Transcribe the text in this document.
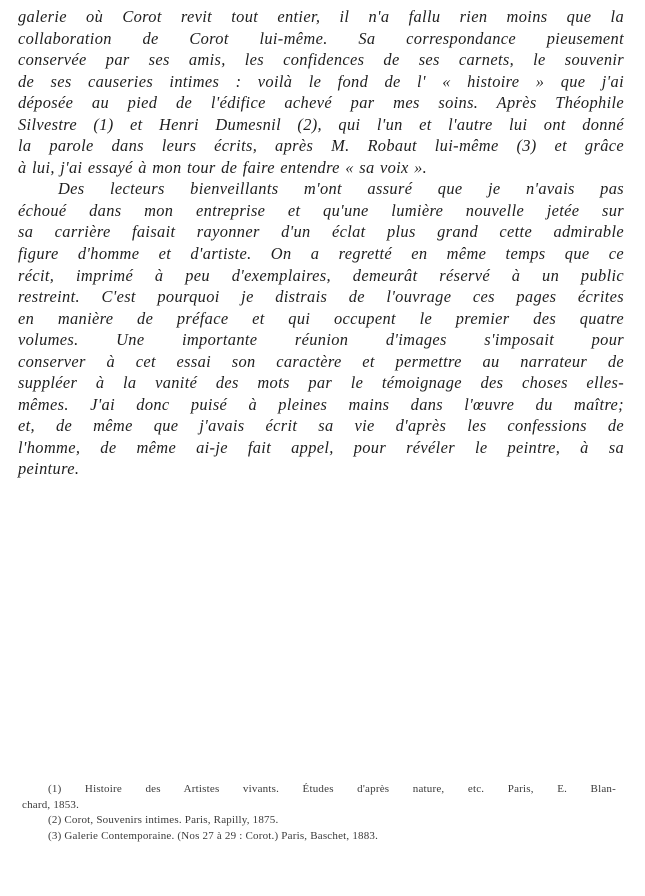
galerie où Corot revit tout entier, il n'a fallu rien moins que la
collaboration de Corot lui-même. Sa correspondance pieusement
conservée par ses amis, les confidences de ses carnets, le souvenir
de ses causeries intimes : voilà le fond de l' « histoire » que j'ai
déposée au pied de l'édifice achevé par mes soins. Après Théophile
Silvestre (1) et Henri Dumesnil (2), qui l'un et l'autre lui ont donné
la parole dans leurs écrits, après M. Robaut lui-même (3) et grâce
à lui, j'ai essayé à mon tour de faire entendre « sa voix ».
Des lecteurs bienveillants m'ont assuré que je n'avais pas
échoué dans mon entreprise et qu'une lumière nouvelle jetée sur
sa carrière faisait rayonner d'un éclat plus grand cette admirable
figure d'homme et d'artiste. On a regretté en même temps que ce
récit, imprimé à peu d'exemplaires, demeurât réservé à un public
restreint. C'est pourquoi je distrais de l'ouvrage ces pages écrites
en manière de préface et qui occupent le premier des quatre
volumes. Une importante réunion d'images s'imposait pour
conserver à cet essai son caractère et permettre au narrateur de
suppléer à la vanité des mots par le témoignage des choses elles-
mêmes. J'ai donc puisé à pleines mains dans l'œuvre du maître;
et, de même que j'avais écrit sa vie d'après les confessions de
l'homme, de même ai-je fait appel, pour révéler le peintre, à sa
peinture.
(1) Histoire des Artistes vivants. Études d'après nature, etc. Paris, E. Blan-
chard, 1853.
(2) Corot, Souvenirs intimes. Paris, Rapilly, 1875.
(3) Galerie Contemporaine. (Nos 27 à 29 : Corot.) Paris, Baschet, 1883.
